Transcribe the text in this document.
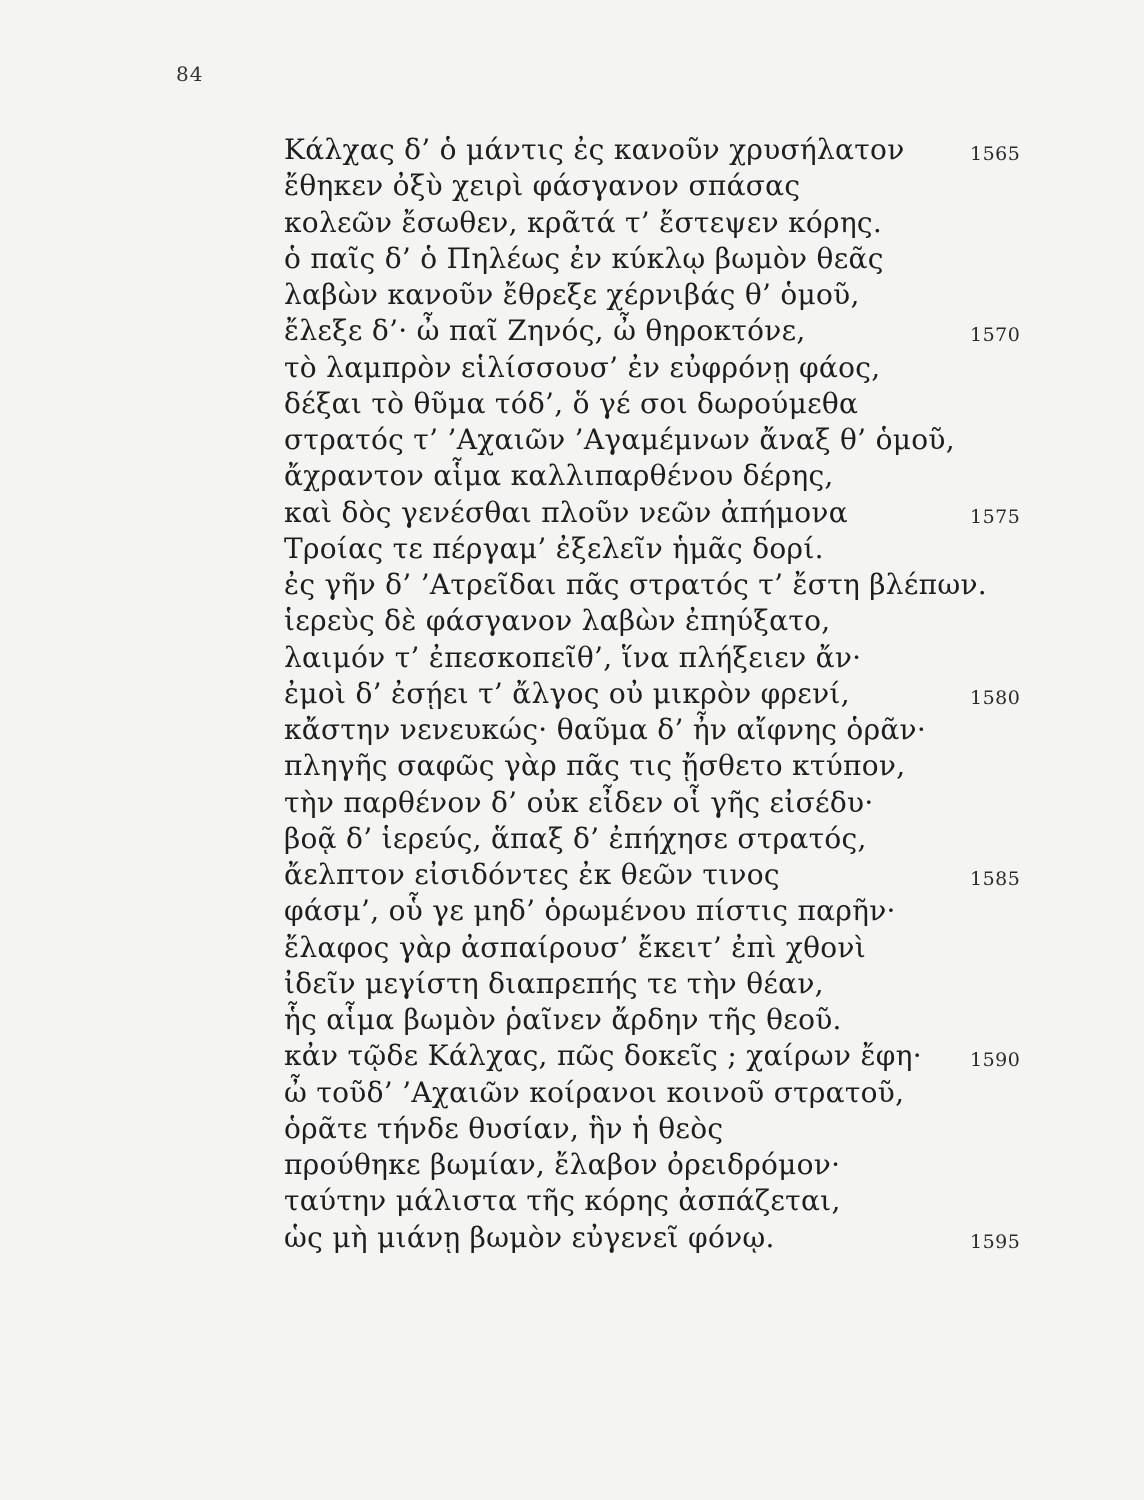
84
Κάλχας δ’ ὁ μάντις ἐς κανοῦν χρυσήλατον	1565
ἔθηκεν ὀξὺ χειρὶ φάσγανον σπάσας
κολεῶν ἔσωθεν, κρᾶτά τ’ ἔστεψεν κόρης.
ὁ παῖς δ’ ὁ Πηλέως ἐν κύκλῳ βωμὸν θεᾶς
λαβὼν κανοῦν ἔθρεξε χέρνιβάς θ’ ὁμοῦ,
ἔλεξε δ’· ὦ παῖ Ζηνός, ὦ θηροκτόνε,	1570
τὸ λαμπρὸν εἱλίσσουσ’ ἐν εὐφρόνῃ φάος,
δέξαι τὸ θῦμα τόδ’, ὅ γέ σοι δωρούμεθα
στρατός τ’ ’Αχαιῶν ’Αγαμέμνων ἄναξ θ’ ὁμοῦ,
ἄχραντον αἷμα καλλιπαρθένου δέρης,
καὶ δὸς γενέσθαι πλοῦν νεῶν ἀπήμονα	1575
Τροίας τε πέργαμ’ ἐξελεῖν ἡμᾶς δορί.
ἐς γῆν δ’ ’Ατρεῖδαι πᾶς στρατός τ’ ἔστη βλέπων.
ἱερεὺς δὲ φάσγανον λαβὼν ἐπηύξατο,
λαιμόν τ’ ἐπεσκοπεῖθ’, ἵνα πλήξειεν ἄν·
ἐμοὶ δ’ ἐσῄει τ’ ἄλγος οὐ μικρὸν φρενί,	1580
κἄστην νενευκώς· θαῦμα δ’ ἦν αἴφνης ὁρᾶν·
πληγῆς σαφῶς γὰρ πᾶς τις ᾔσθετο κτύπον,
τὴν παρθένον δ’ οὐκ εἶδεν οἷ γῆς εἰσέδυ·
βοᾷ δ’ ἱερεύς, ἅπαξ δ’ ἐπήχησε στρατός,
ἄελπτον εἰσιδόντες ἐκ θεῶν τινος	1585
φάσμ’, οὗ γε μηδ’ ὁρωμένου πίστις παρῆν·
ἔλαφος γὰρ ἀσπαίρουσ’ ἔκειτ’ ἐπὶ χθονὶ
ἰδεῖν μεγίστη διαπρεπής τε τὴν θέαν,
ἧς αἷμα βωμὸν ῥαῖνεν ἄρδην τῆς θεοῦ.
κἀν τῷδε Κάλχας, πῶς δοκεῖς ; χαίρων ἔφη·	1590
ὦ τοῦδ’ ’Αχαιῶν κοίρανοι κοινοῦ στρατοῦ,
ὁρᾶτε τήνδε θυσίαν, ἣν ἡ θεὸς
προύθηκε βωμίαν, ἔλαβον ὀρειδρόμον·
ταύτην μάλιστα τῆς κόρης ἀσπάζεται,
ὡς μὴ μιάνῃ βωμὸν εὐγενεῖ φόνῳ.	1595
